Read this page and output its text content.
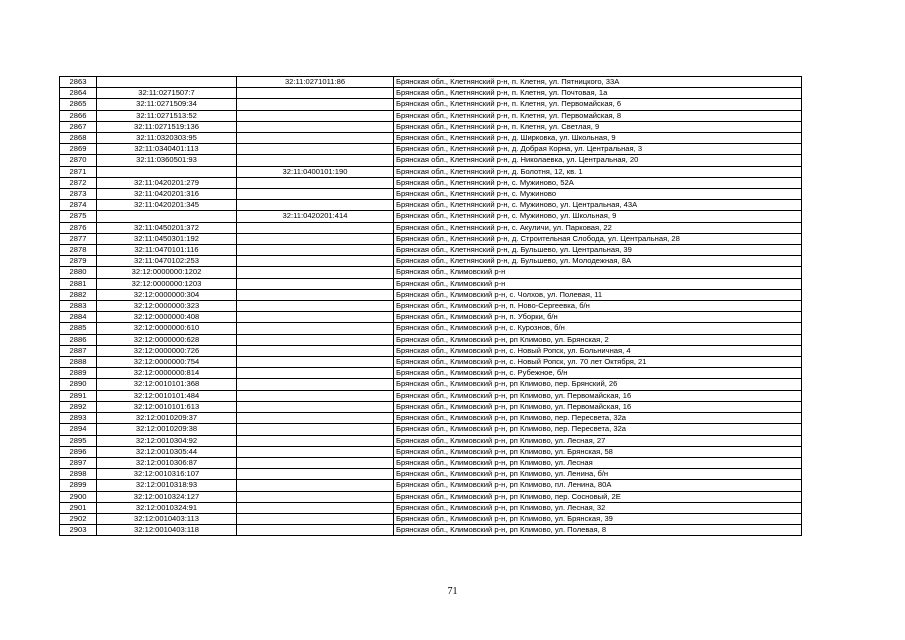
2863		32:11:0271011:86	Брянская обл., Клетнянский р-н, п. Клетня, ул. Пятницкого, 33А
2864	32:11:0271507:7		Брянская обл., Клетнянский р-н, п. Клетня, ул. Почтовая, 1а
2865	32:11:0271509:34		Брянская обл., Клетнянский р-н, п. Клетня, ул. Первомайская, 6
2866	32:11:0271513:52		Брянская обл., Клетнянский р-н, п. Клетня, ул. Первомайская, 8
2867	32:11:0271519:136		Брянская обл., Клетнянский р-н, п. Клетня, ул. Светлая, 9
2868	32:11:0320303:95		Брянская обл., Клетнянский р-н, д. Ширковка, ул. Школьная, 9
2869	32:11:0340401:113		Брянская обл., Клетнянский р-н, д. Добрая Корна, ул. Центральная, 3
2870	32:11:0360501:93		Брянская обл., Клетнянский р-н, д. Николаевка, ул. Центральная, 20
2871		32:11:0400101:190	Брянская обл., Клетнянский р-н, д. Болотня, 12, кв. 1
2872	32:11:0420201:279		Брянская обл., Клетнянский р-н, с. Мужиново, 52А
2873	32:11:0420201:316		Брянская обл., Клетнянский р-н, с. Мужиново
2874	32:11:0420201:345		Брянская обл., Клетнянский р-н, с. Мужиново, ул. Центральная, 43А
2875		32:11:0420201:414	Брянская обл., Клетнянский р-н, с. Мужиново, ул. Школьная, 9
2876	32:11:0450201:372		Брянская обл., Клетнянский р-н, с. Акуличи, ул. Парковая, 22
2877	32:11:0450301:192		Брянская обл., Клетнянский р-н, д. Строительная Слобода, ул. Центральная, 28
2878	32:11:0470101:116		Брянская обл., Клетнянский р-н, д. Бульшево, ул. Центральная, 39
2879	32:11:0470102:253		Брянская обл., Клетнянский р-н, д. Бульшево, ул. Молодежная, 8А
2880	32:12:0000000:1202		Брянская обл., Климовский р-н
2881	32:12:0000000:1203		Брянская обл., Климовский р-н
2882	32:12:0000000:304		Брянская обл., Климовский р-н, с. Чолхов, ул. Полевая, 11
2883	32:12:0000000:323		Брянская обл., Климовский р-н, п. Ново-Сергеевка, б/н
2884	32:12:0000000:408		Брянская обл., Климовский р-н, п. Уборки, б/н
2885	32:12:0000000:610		Брянская обл., Климовский р-н, с. Курознов, б/н
2886	32:12:0000000:628		Брянская обл., Климовский р-н, рп Климово, ул. Брянская, 2
2887	32:12:0000000:726		Брянская обл., Климовский р-н, с. Новый Ропск, ул. Больничная, 4
2888	32:12:0000000:754		Брянская обл., Климовский р-н, с. Новый Ропск, ул. 70 лет Октября, 21
2889	32:12:0000000:814		Брянская обл., Климовский р-н, с. Рубежное, б/н
2890	32:12:0010101:368		Брянская обл., Климовский р-н, рп Климово, пер. Брянский, 26
2891	32:12:0010101:484		Брянская обл., Климовский р-н, рп Климово, ул. Первомайская, 16
2892	32:12:0010101:613		Брянская обл., Климовский р-н, рп Климово, ул. Первомайская, 16
2893	32:12:0010209:37		Брянская обл., Климовский р-н, рп Климово, пер. Пересвета, 32а
2894	32:12:0010209:38		Брянская обл., Климовский р-н, рп Климово, пер. Пересвета, 32а
2895	32:12:0010304:92		Брянская обл., Климовский р-н, рп Климово, ул. Лесная, 27
2896	32:12:0010305:44		Брянская обл., Климовский р-н, рп Климово, ул. Брянская, 58
2897	32:12:0010306:87		Брянская обл., Климовский р-н, рп Климово, ул. Лесная
2898	32:12:0010316:107		Брянская обл., Климовский р-н, рп Климово, ул. Ленина, б/н
2899	32:12:0010318:93		Брянская обл., Климовский р-н, рп Климово, пл. Ленина, 80А
2900	32:12:0010324:127		Брянская обл., Климовский р-н, рп Климово, пер. Сосновый, 2Е
2901	32:12:0010324:91		Брянская обл., Климовский р-н, рп Климово, ул. Лесная, 32
2902	32:12:0010403:113		Брянская обл., Климовский р-н, рп Климово, ул. Брянская, 39
2903	32:12:0010403:118		Брянская обл., Климовский р-н, рп Климово, ул. Полевая, 8
71
